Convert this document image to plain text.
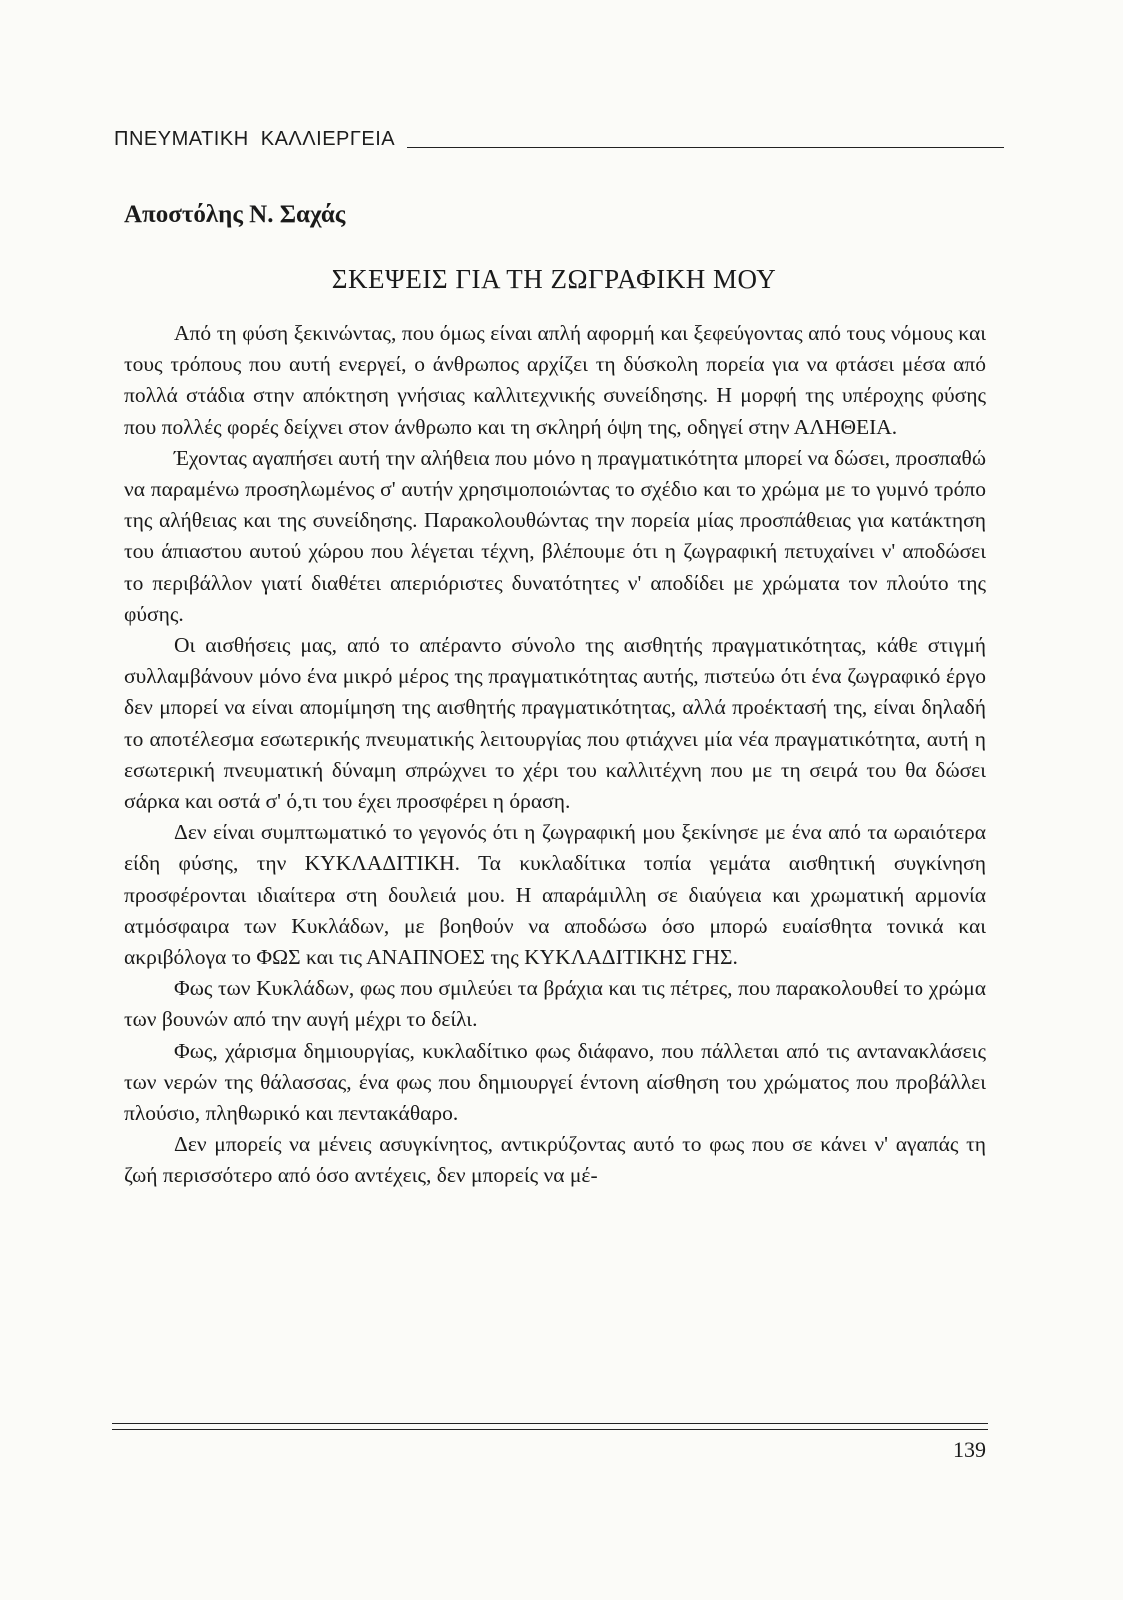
ΠΝΕΥΜΑΤΙΚΗ  ΚΑΛΛΙΕΡΓΕΙΑ
Αποστόλης Ν. Σαχάς
ΣΚΕΨΕΙΣ ΓΙΑ ΤΗ ΖΩΓΡΑΦΙΚΗ ΜΟΥ

Από τη φύση ξεκινώντας, που όμως είναι απλή αφορμή και ξεφεύγοντας από τους νόμους και τους τρόπους που αυτή ενεργεί, ο άνθρωπος αρχίζει τη δύσκολη πορεία για να φτάσει μέσα από πολλά στάδια στην απόκτηση γνήσιας καλλιτεχνικής συνείδησης. Η μορφή της υπέροχης φύσης που πολλές φορές δείχνει στον άνθρωπο και τη σκληρή όψη της, οδηγεί στην ΑΛΗΘΕΙΑ.

Έχοντας αγαπήσει αυτή την αλήθεια που μόνο η πραγματικότητα μπορεί να δώσει, προσπαθώ να παραμένω προσηλωμένος σ' αυτήν χρησιμοποιώντας το σχέδιο και το χρώμα με το γυμνό τρόπο της αλήθειας και της συνείδησης. Παρακολουθώντας την πορεία μίας προσπάθειας για κατάκτηση του άπιαστου αυτού χώρου που λέγεται τέχνη, βλέπουμε ότι η ζωγραφική πετυχαίνει ν' αποδώσει το περιβάλλον γιατί διαθέτει απεριόριστες δυνατότητες ν' αποδίδει με χρώματα τον πλούτο της φύσης.

Οι αισθήσεις μας, από το απέραντο σύνολο της αισθητής πραγματικότητας, κάθε στιγμή συλλαμβάνουν μόνο ένα μικρό μέρος της πραγματικότητας αυτής, πιστεύω ότι ένα ζωγραφικό έργο δεν μπορεί να είναι απομίμηση της αισθητής πραγματικότητας, αλλά προέκτασή της, είναι δηλαδή το αποτέλεσμα εσωτερικής πνευματικής λειτουργίας που φτιάχνει μία νέα πραγματικότητα, αυτή η εσωτερική πνευματική δύναμη σπρώχνει το χέρι του καλλιτέχνη που με τη σειρά του θα δώσει σάρκα και οστά σ' ό,τι του έχει προσφέρει η όραση.

Δεν είναι συμπτωματικό το γεγονός ότι η ζωγραφική μου ξεκίνησε με ένα από τα ωραιότερα είδη φύσης, την ΚΥΚΛΑΔΙΤΙΚΗ. Τα κυκλαδίτικα τοπία γεμάτα αισθητική συγκίνηση προσφέρονται ιδιαίτερα στη δουλειά μου. Η απαράμιλλη σε διαύγεια και χρωματική αρμονία ατμόσφαιρα των Κυκλάδων, με βοηθούν να αποδώσω όσο μπορώ ευαίσθητα τονικά και ακριβόλογα το ΦΩΣ και τις ΑΝΑΠΝΟΕΣ της ΚΥΚΛΑΔΙΤΙΚΗΣ ΓΗΣ.

Φως των Κυκλάδων, φως που σμιλεύει τα βράχια και τις πέτρες, που παρακολουθεί το χρώμα των βουνών από την αυγή μέχρι το δείλι.

Φως, χάρισμα δημιουργίας, κυκλαδίτικο φως διάφανο, που πάλλεται από τις αντανακλάσεις των νερών της θάλασσας, ένα φως που δημιουργεί έντονη αίσθηση του χρώματος που προβάλλει πλούσιο, πληθωρικό και πεντακάθαρο.

Δεν μπορείς να μένεις ασυγκίνητος, αντικρύζοντας αυτό το φως που σε κάνει ν' αγαπάς τη ζωή περισσότερο από όσο αντέχεις, δεν μπορείς να μέ-

139
